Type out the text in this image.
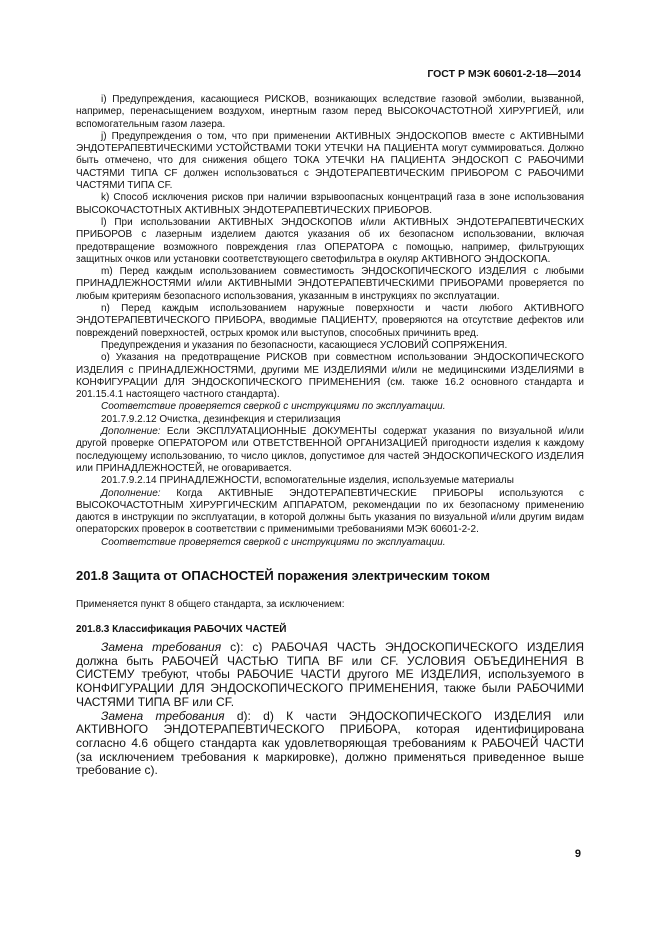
ГОСТ Р МЭК 60601-2-18—2014

i) Предупреждения, касающиеся РИСКОВ, возникающих вследствие газовой эмболии, вызванной, например, перенасыщением воздухом, инертным газом перед ВЫСОКОЧАСТОТНОЙ ХИРУРГИЕЙ, или вспомогательным газом лазера.

j) Предупреждения о том, что при применении АКТИВНЫХ ЭНДОСКОПОВ вместе с АКТИВНЫМИ ЭНДОТЕРАПЕВТИЧЕСКИМИ УСТОЙСТВАМИ ТОКИ УТЕЧКИ НА ПАЦИЕНТА могут суммироваться. Должно быть отмечено, что для снижения общего ТОКА УТЕЧКИ НА ПАЦИЕНТА ЭНДОСКОП С РАБОЧИМИ ЧАСТЯМИ ТИПА CF должен использоваться с ЭНДОТЕРАПЕВТИЧЕСКИМ ПРИБОРОМ С РАБОЧИМИ ЧАСТЯМИ ТИПА CF.

k) Способ исключения рисков при наличии взрывоопасных концентраций газа в зоне использования ВЫСОКОЧАСТОТНЫХ АКТИВНЫХ ЭНДОТЕРАПЕВТИЧЕСКИХ ПРИБОРОВ.

l) При использовании АКТИВНЫХ ЭНДОСКОПОВ и/или АКТИВНЫХ ЭНДОТЕРАПЕВТИЧЕСКИХ ПРИБОРОВ с лазерным изделием даются указания об их безопасном использовании, включая предотвращение возможного повреждения глаз ОПЕРАТОРА с помощью, например, фильтрующих защитных очков или установки соответствующего светофильтра в окуляр АКТИВНОГО ЭНДОСКОПА.

m) Перед каждым использованием совместимость ЭНДОСКОПИЧЕСКОГО ИЗДЕЛИЯ с любыми ПРИНАДЛЕЖНОСТЯМИ и/или АКТИВНЫМИ ЭНДОТЕРАПЕВТИЧЕСКИМИ ПРИБОРАМИ проверяется по любым критериям безопасного использования, указанным в инструкциях по эксплуатации.

n) Перед каждым использованием наружные поверхности и части любого АКТИВНОГО ЭНДОТЕРАПЕВТИЧЕСКОГО ПРИБОРА, вводимые ПАЦИЕНТУ, проверяются на отсутствие дефектов или повреждений поверхностей, острых кромок или выступов, способных причинить вред.

Предупреждения и указания по безопасности, касающиеся УСЛОВИЙ СОПРЯЖЕНИЯ.

o) Указания на предотвращение РИСКОВ при совместном использовании ЭНДОСКОПИЧЕСКОГО ИЗДЕЛИЯ с ПРИНАДЛЕЖНОСТЯМИ, другими МЕ ИЗДЕЛИЯМИ и/или не медицинскими ИЗДЕЛИЯМИ в КОНФИГУРАЦИИ ДЛЯ ЭНДОСКОПИЧЕСКОГО ПРИМЕНЕНИЯ (см. также 16.2 основного стандарта и 201.15.4.1 настоящего частного стандарта).

Соответствие проверяется сверкой с инструкциями по эксплуатации.

201.7.9.2.12 Очистка, дезинфекция и стерилизация

Дополнение: Если ЭКСПЛУАТАЦИОННЫЕ ДОКУМЕНТЫ содержат указания по визуальной и/или другой проверке ОПЕРАТОРОМ или ОТВЕТСТВЕННОЙ ОРГАНИЗАЦИЕЙ пригодности изделия к каждому последующему использованию, то число циклов, допустимое для частей ЭНДОСКОПИЧЕСКОГО ИЗДЕЛИЯ или ПРИНАДЛЕЖНОСТЕЙ, не оговаривается.

201.7.9.2.14 ПРИНАДЛЕЖНОСТИ, вспомогательные изделия, используемые материалы

Дополнение: Когда АКТИВНЫЕ ЭНДОТЕРАПЕВТИЧЕСКИЕ ПРИБОРЫ используются с ВЫСОКОЧАСТОТНЫМ ХИРУРГИЧЕСКИМ АППАРАТОМ, рекомендации по их безопасному применению даются в инструкции по эксплуатации, в которой должны быть указания по визуальной и/или другим видам операторских проверок в соответствии с применимыми требованиями МЭК 60601-2-2.

Соответствие проверяется сверкой с инструкциями по эксплуатации.

201.8 Защита от ОПАСНОСТЕЙ поражения электрическим током
Применяется пункт 8 общего стандарта, за исключением:
201.8.3 Классификация РАБОЧИХ ЧАСТЕЙ

Замена требования с): с) РАБОЧАЯ ЧАСТЬ ЭНДОСКОПИЧЕСКОГО ИЗДЕЛИЯ должна быть РАБОЧЕЙ ЧАСТЬЮ ТИПА BF или CF. УСЛОВИЯ ОБЪЕДИНЕНИЯ В СИСТЕМУ требуют, чтобы РАБОЧИЕ ЧАСТИ другого МЕ ИЗДЕЛИЯ, используемого в КОНФИГУРАЦИИ ДЛЯ ЭНДОСКОПИЧЕСКОГО ПРИМЕНЕНИЯ, также были РАБОЧИМИ ЧАСТЯМИ ТИПА BF или CF.

Замена требования d): d) К части ЭНДОСКОПИЧЕСКОГО ИЗДЕЛИЯ или АКТИВНОГО ЭНДОТЕРАПЕВТИЧЕСКОГО ПРИБОРА, которая идентифицирована согласно 4.6 общего стандарта как удовлетворяющая требованиям к РАБОЧЕЙ ЧАСТИ (за исключением требования к маркировке), должно применяться приведенное выше требование с).

9
